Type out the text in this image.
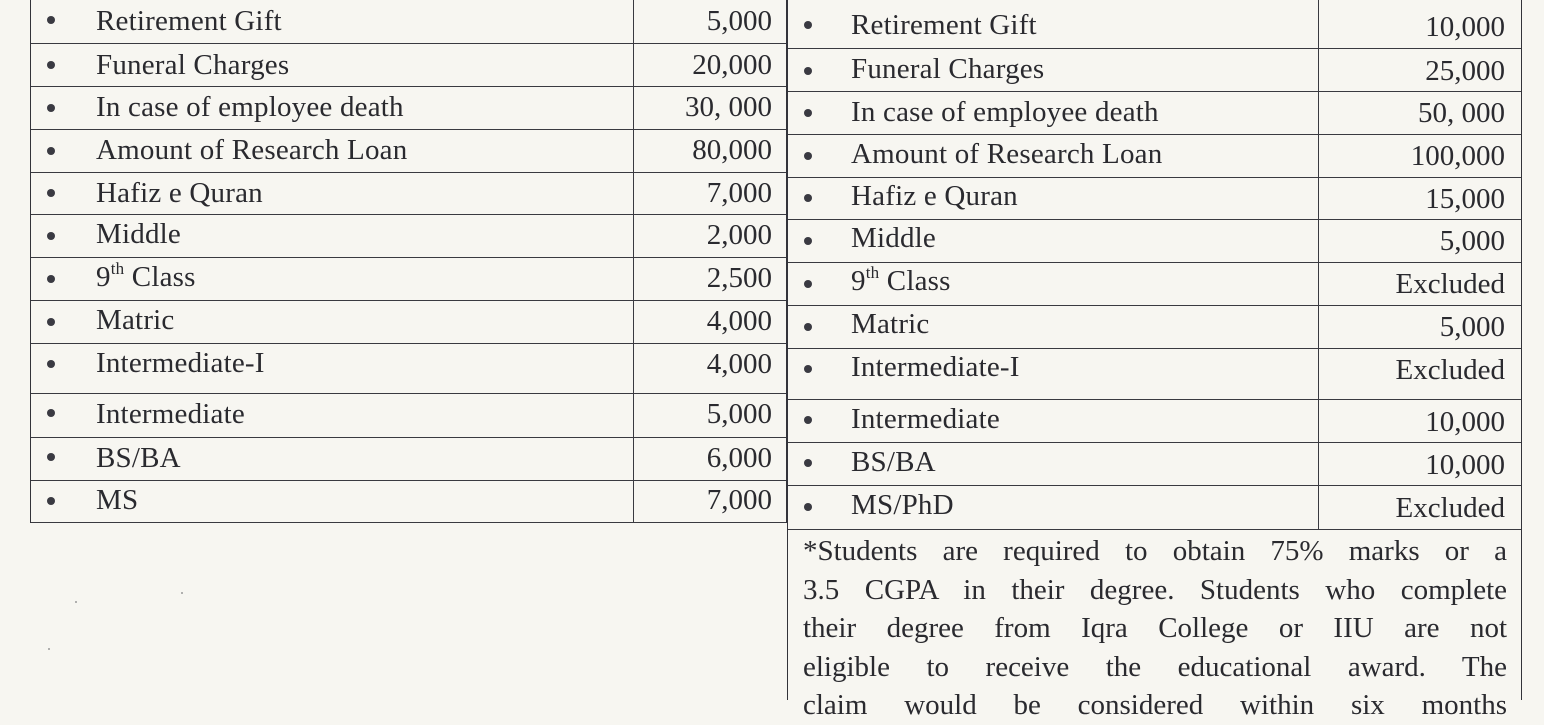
Retirement Gift	5,000
Funeral Charges	20,000
In case of employee death	30, 000
Amount of Research Loan	80,000
Hafiz e Quran	7,000
Middle	2,000
9th Class	2,500
Matric	4,000
Intermediate-I	4,000
Intermediate	5,000
BS/BA	6,000
MS	7,000
Retirement Gift	10,000
Funeral Charges	25,000
In case of employee death	50, 000
Amount of Research Loan	100,000
Hafiz e Quran	15,000
Middle	5,000
9th Class	Excluded
Matric	5,000
Intermediate-I	Excluded
Intermediate	10,000
BS/BA	10,000
MS/PhD	Excluded
*Students are required to obtain 75% marks or a
3.5 CGPA in their degree. Students who complete
their degree from Iqra College or IIU are not
eligible to receive the educational award. The
claim would be considered within six months
